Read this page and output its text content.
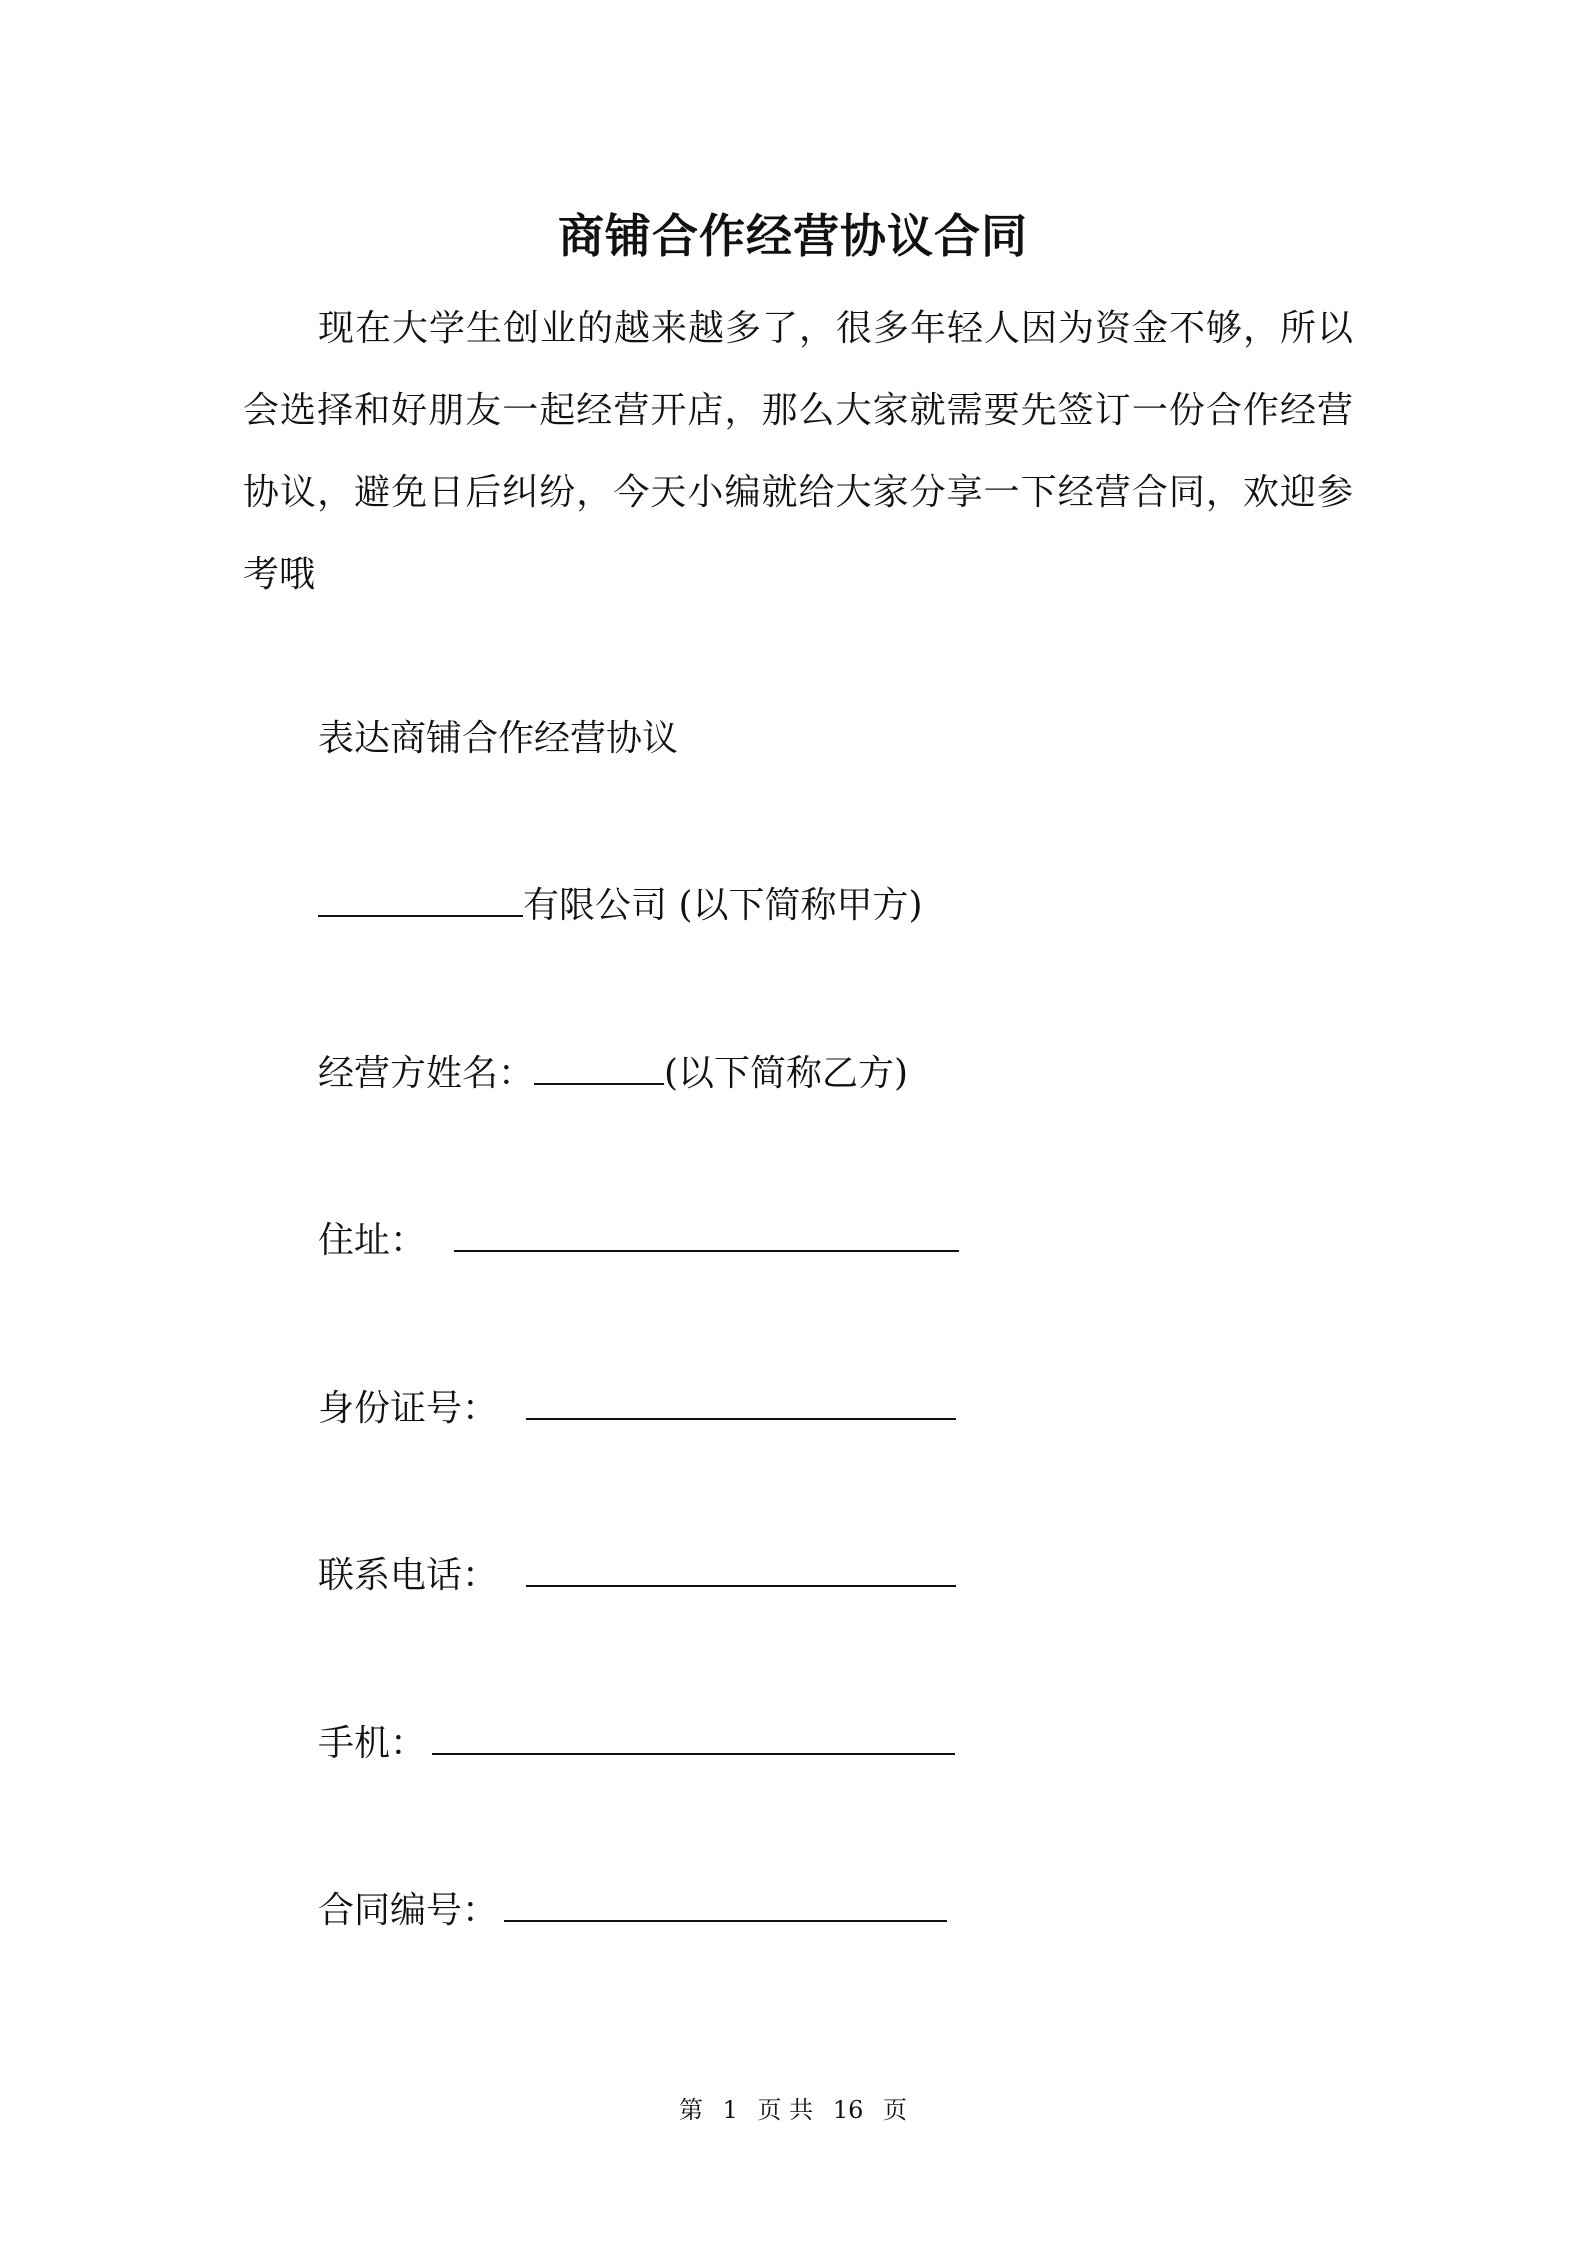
商铺合作经营协议合同
现在大学生创业的越来越多了，很多年轻人因为资金不够，所以会选择和好朋友一起经营开店，那么大家就需要先签订一份合作经营协议，避免日后纠纷，今天小编就给大家分享一下经营合同，欢迎参考哦
表达商铺合作经营协议
有限公司 (以下简称甲方)
经营方姓名：	(以下简称乙方)
住址：
身份证号：
联系电话：
手机：
合同编号：
第 1 页 共 16 页
